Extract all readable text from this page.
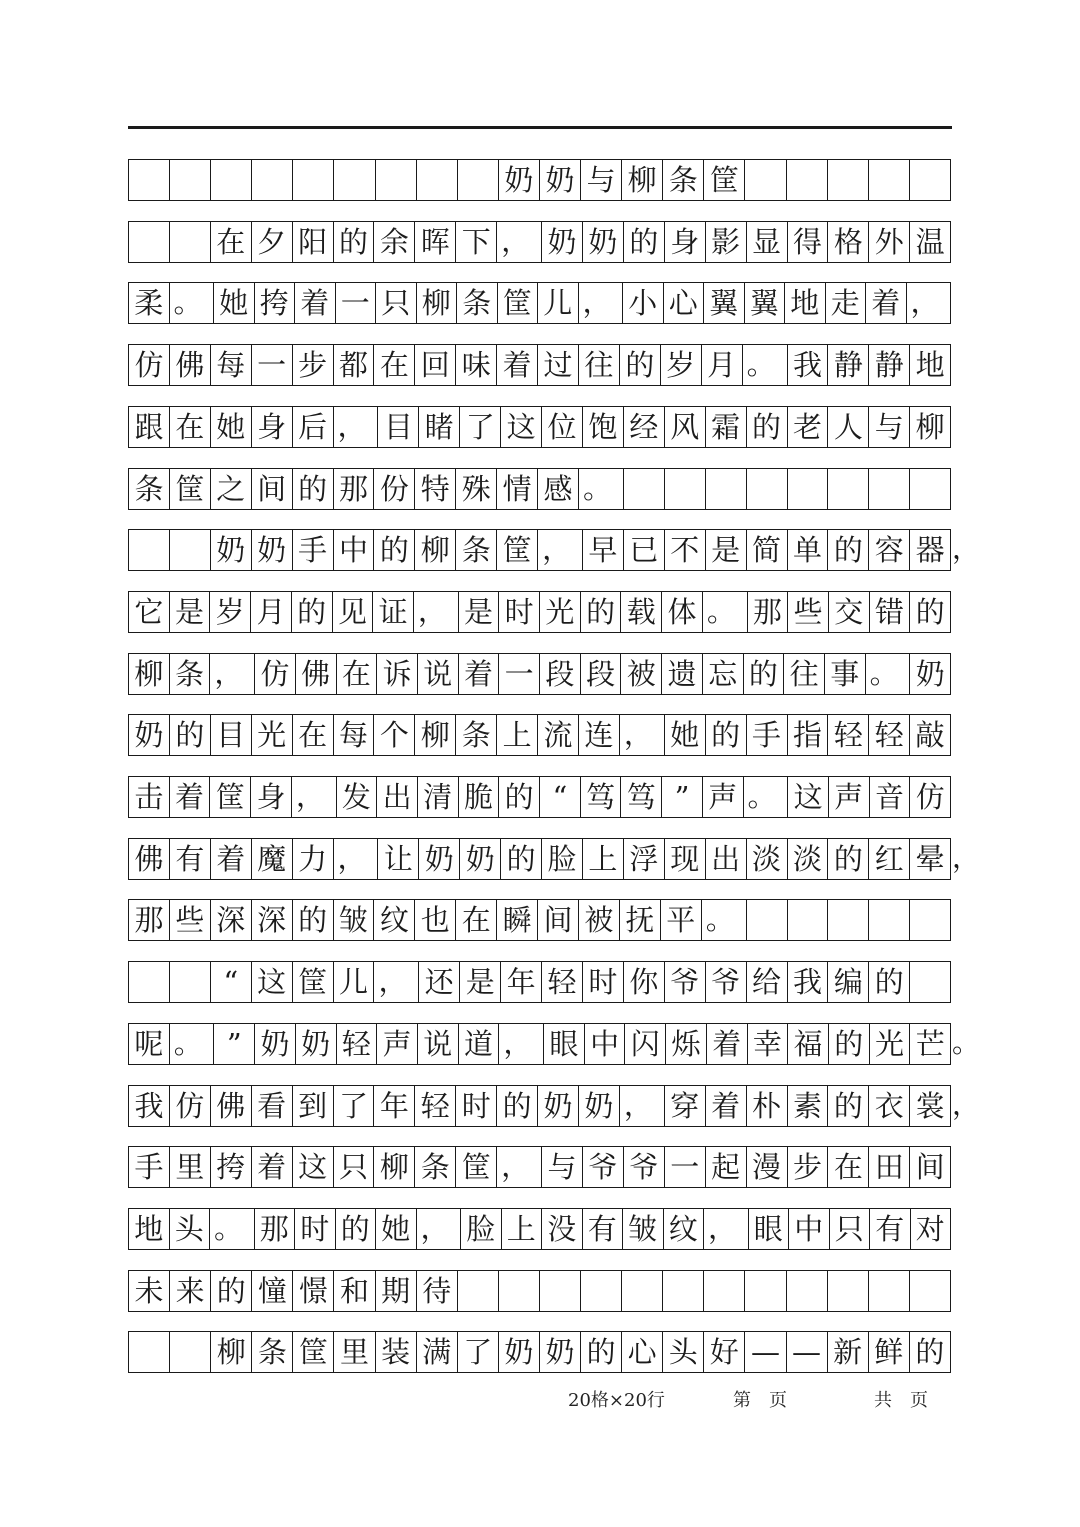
奶 奶 与 柳 条 筐
在 夕 阳 的 余 晖 下 ， 奶 奶 的 身 影 显 得 格 外 温
柔 。 她 挎 着 一 只 柳 条 筐 儿 ， 小 心 翼 翼 地 走 着 ，
仿 佛 每 一 步 都 在 回 味 着 过 往 的 岁 月 。 我 静 静 地
跟 在 她 身 后 ， 目 睹 了 这 位 饱 经 风 霜 的 老 人 与 柳
条 筐 之 间 的 那 份 特 殊 情 感 。
奶 奶 手 中 的 柳 条 筐 ， 早 已 不 是 简 单 的 容 器 ，
它 是 岁 月 的 见 证 ， 是 时 光 的 载 体 。 那 些 交 错 的
柳 条 ， 仿 佛 在 诉 说 着 一 段 段 被 遗 忘 的 往 事 。 奶
奶 的 目 光 在 每 个 柳 条 上 流 连 ， 她 的 手 指 轻 轻 敲
击 着 筐 身 ， 发 出 清 脆 的 “ 笃 笃 ” 声 。 这 声 音 仿
佛 有 着 魔 力 ， 让 奶 奶 的 脸 上 浮 现 出 淡 淡 的 红 晕 ，
那 些 深 深 的 皱 纹 也 在 瞬 间 被 抚 平 。
“ 这 筐 儿 ， 还 是 年 轻 时 你 爷 爷 给 我 编 的
呢 。 ” 奶 奶 轻 声 说 道 ， 眼 中 闪 烁 着 幸 福 的 光 芒 。
我 仿 佛 看 到 了 年 轻 时 的 奶 奶 ， 穿 着 朴 素 的 衣 裳 ，
手 里 挎 着 这 只 柳 条 筐 ， 与 爷 爷 一 起 漫 步 在 田 间
地 头 。 那 时 的 她 ， 脸 上 没 有 皱 纹 ， 眼 中 只 有 对
未 来 的 憧 憬 和 期 待
柳 条 筐 里 装 满 了 奶 奶 的 心 头 好 — — 新 鲜 的
20格×20行	第　页	共　页
